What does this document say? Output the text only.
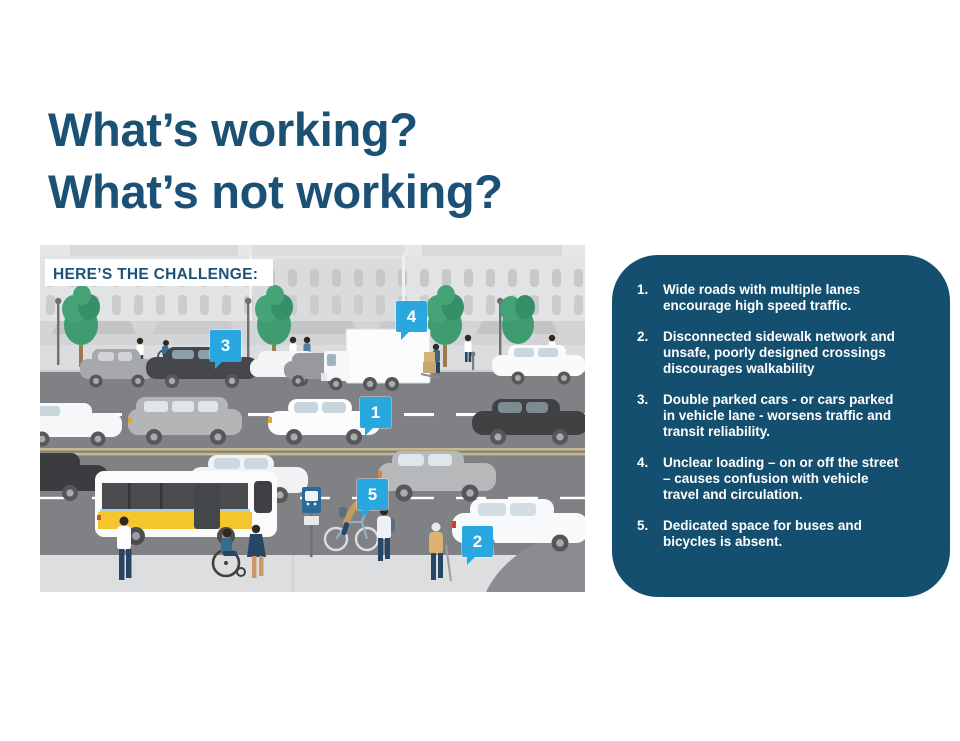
What’s working?
What’s not working?
HERE’S THE CHALLENGE:
1
2
3
4
5
1.	Wide roads with multiple lanes encourage high speed traffic.
2.	Disconnected sidewalk network and unsafe, poorly designed crossings discourages walkability
3.	Double parked cars - or cars parked in vehicle lane - worsens traffic and transit reliability.
4.	Unclear loading – on or off the street – causes confusion with vehicle travel and circulation.
5.	Dedicated space for buses and bicycles is absent.
